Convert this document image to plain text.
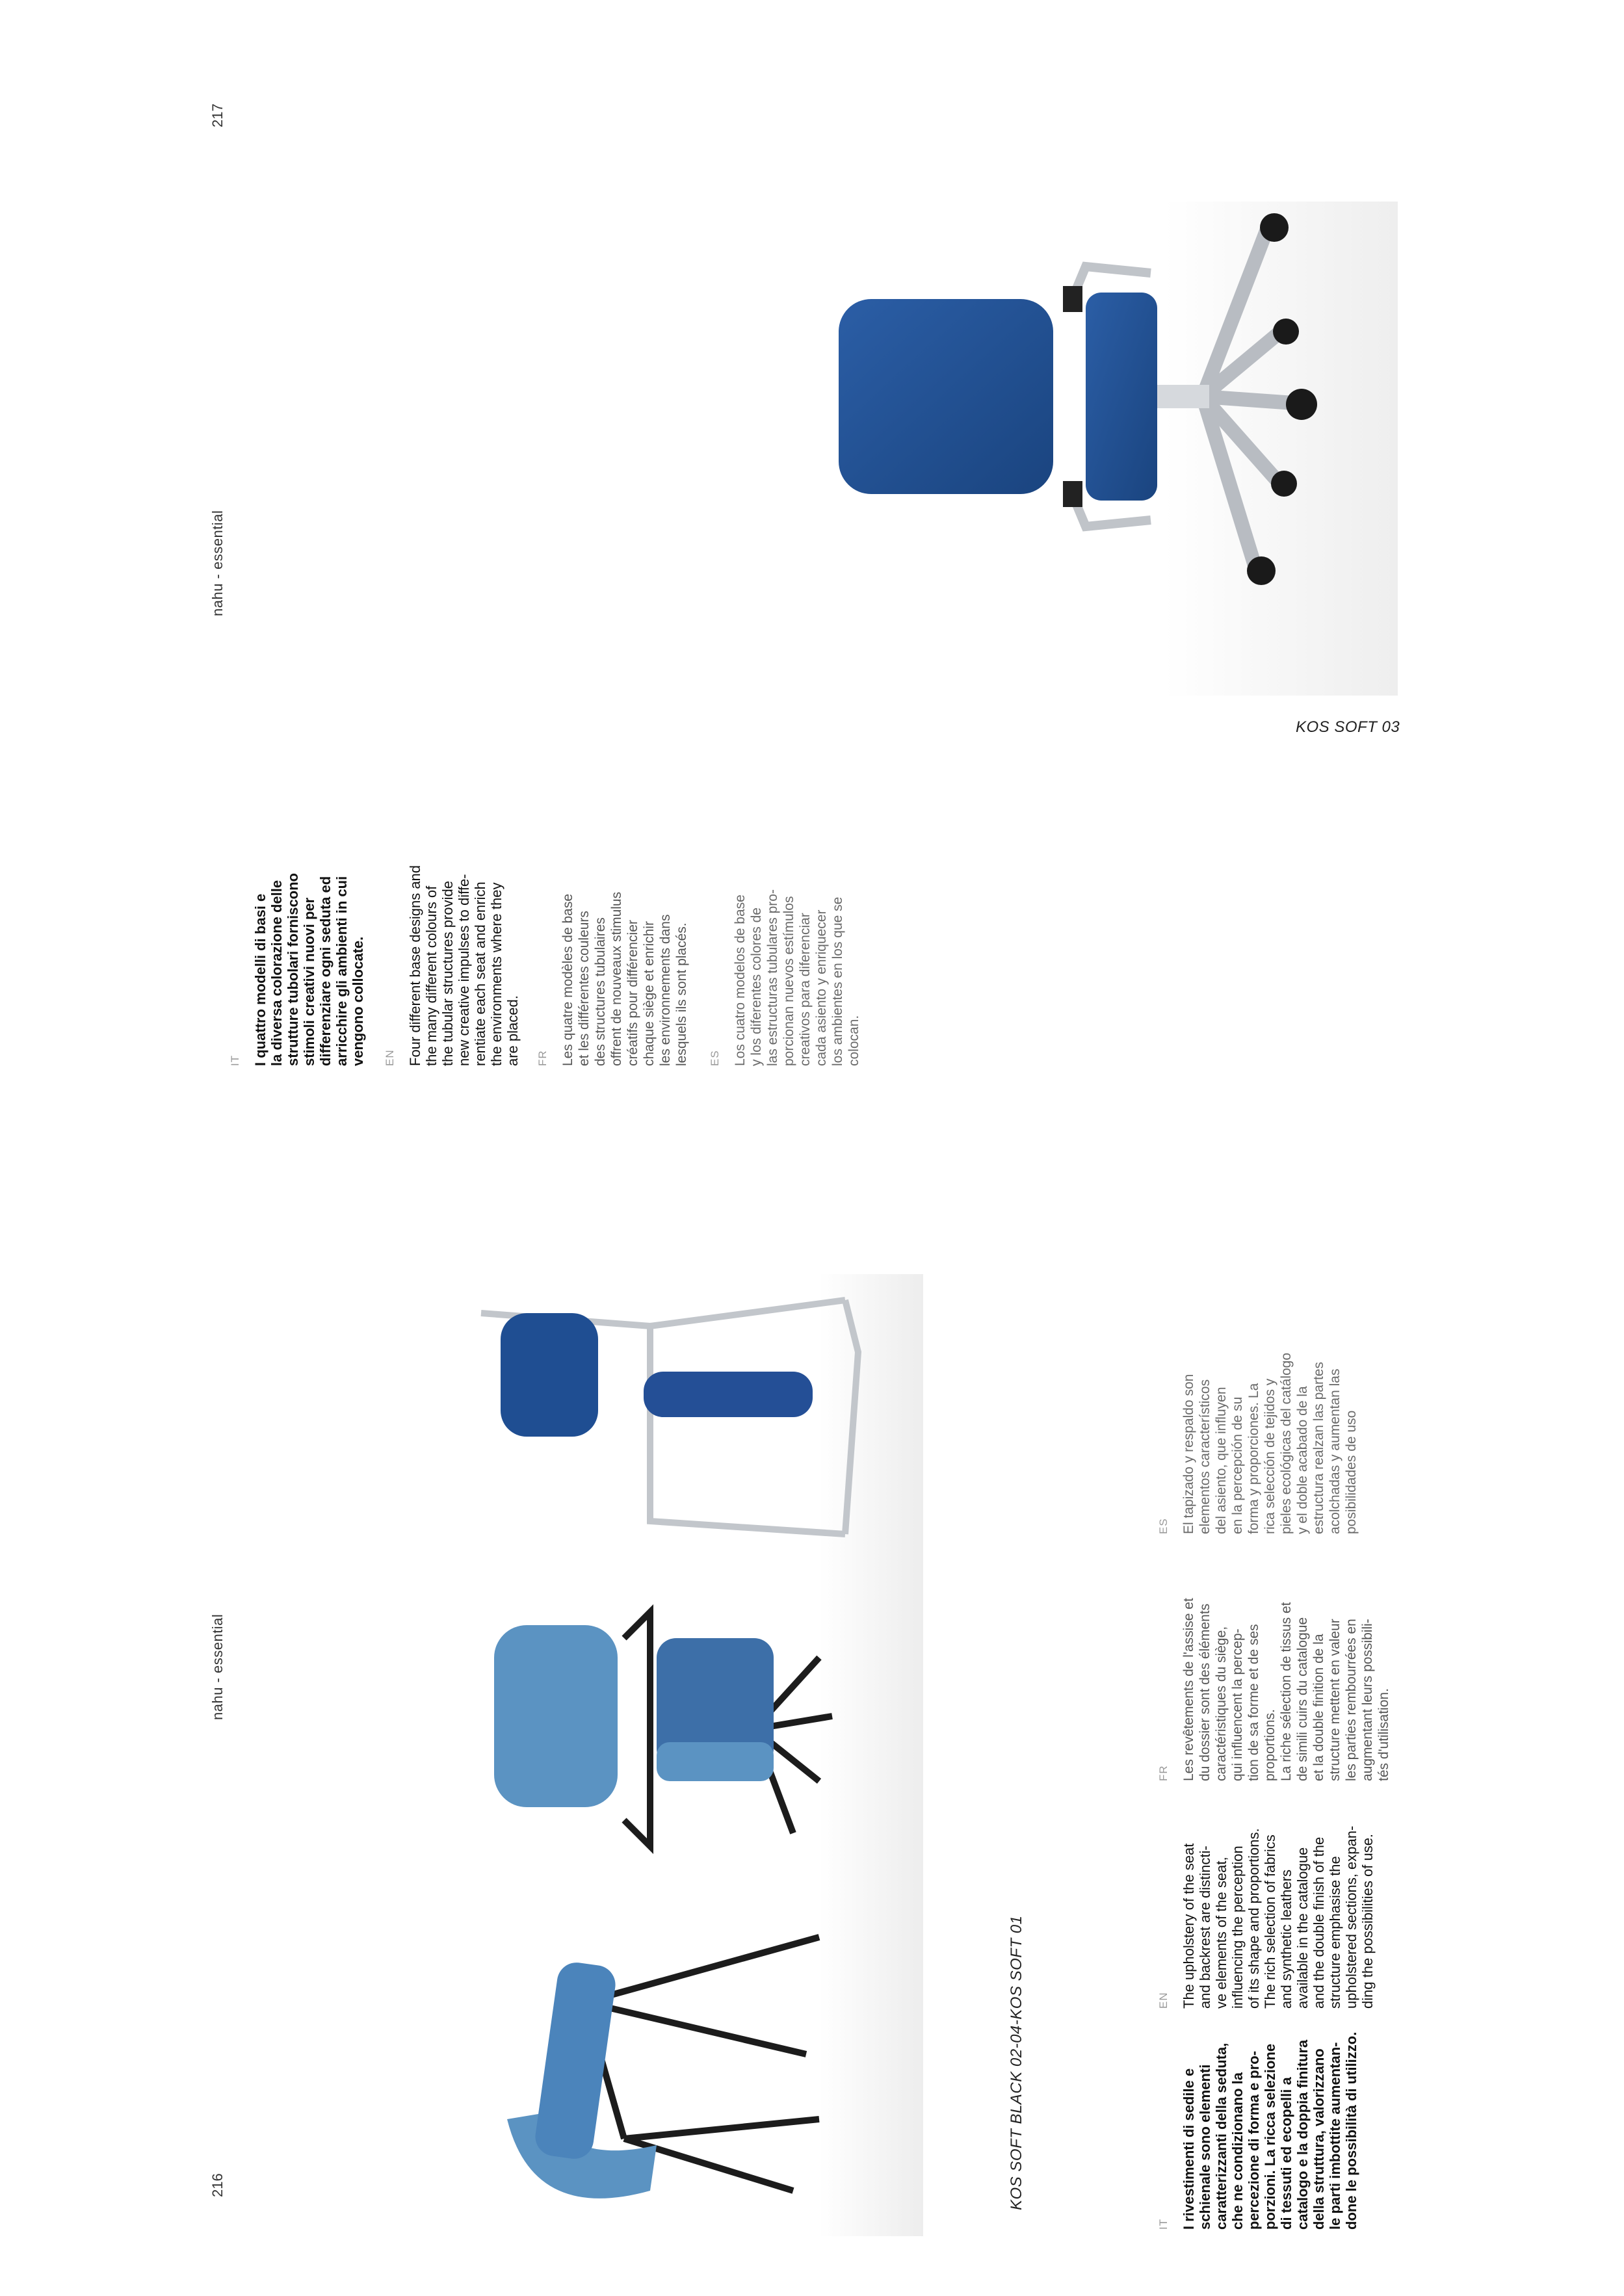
217
nahu - essential
KOS SOFT 03
IT I quattro modelli di basi e
la diversa colorazione delle
strutture tubolari forniscono
stimoli creativi nuovi per
differenziare ogni seduta ed
arricchire gli ambienti in cui
vengono collocate.
EN Four different base designs and
the many different colours of
the tubular structures provide
new creative impulses to diffe-
rentiate each seat and enrich
the environments where they
are placed.
FR Les quatre modèles de base
et les différentes couleurs
des structures tubulaires
offrent de nouveaux stimulus
créatifs pour différencier
chaque siège et enrichir
les environnements dans
lesquels ils sont placés.
ES Los cuatro modelos de base
y los diferentes colores de
las estructuras tubulares pro-
porcionan nuevos estímulos
creativos para diferenciar
cada asiento y enriquecer
los ambientes en los que se
colocan.
nahu - essential
216	KOS SOFT BLACK 02-04-KOS SOFT 01
IT I rivestimenti di sedile e
schienale sono elementi
caratterizzanti della seduta,
che ne condizionano la
percezione di forma e pro-
porzioni. La ricca selezione
di tessuti ed ecopelli a
catalogo e la doppia finitura
della struttura, valorizzano
le parti imbottite aumentan-
done le possibilità di utilizzo.
EN The upholstery of the seat
and backrest are distincti-
ve elements of the seat,
influencing the perception
of its shape and proportions.
The rich selection of fabrics
and synthetic leathers
available in the catalogue
and the double finish of the
structure emphasise the
upholstered sections, expan-
ding the possibilities of use.
FR Les revêtements de l'assise et
du dossier sont des éléments
caractéristiques du siège,
qui influencent la percep-
tion de sa forme et de ses
proportions.
La riche sélection de tissus et
de simili cuirs du catalogue
et la double finition de la
structure mettent en valeur
les parties rembourrées en
augmentant leurs possibili-
tés d'utilisation.
ES El tapizado y respaldo son
elementos característicos
del asiento, que influyen
en la percepción de su
forma y proporciones. La
rica selección de tejidos y
pieles ecológicas del catálogo
y el doble acabado de la
estructura realzan las partes
acolchadas y aumentan las
posibilidades de uso
